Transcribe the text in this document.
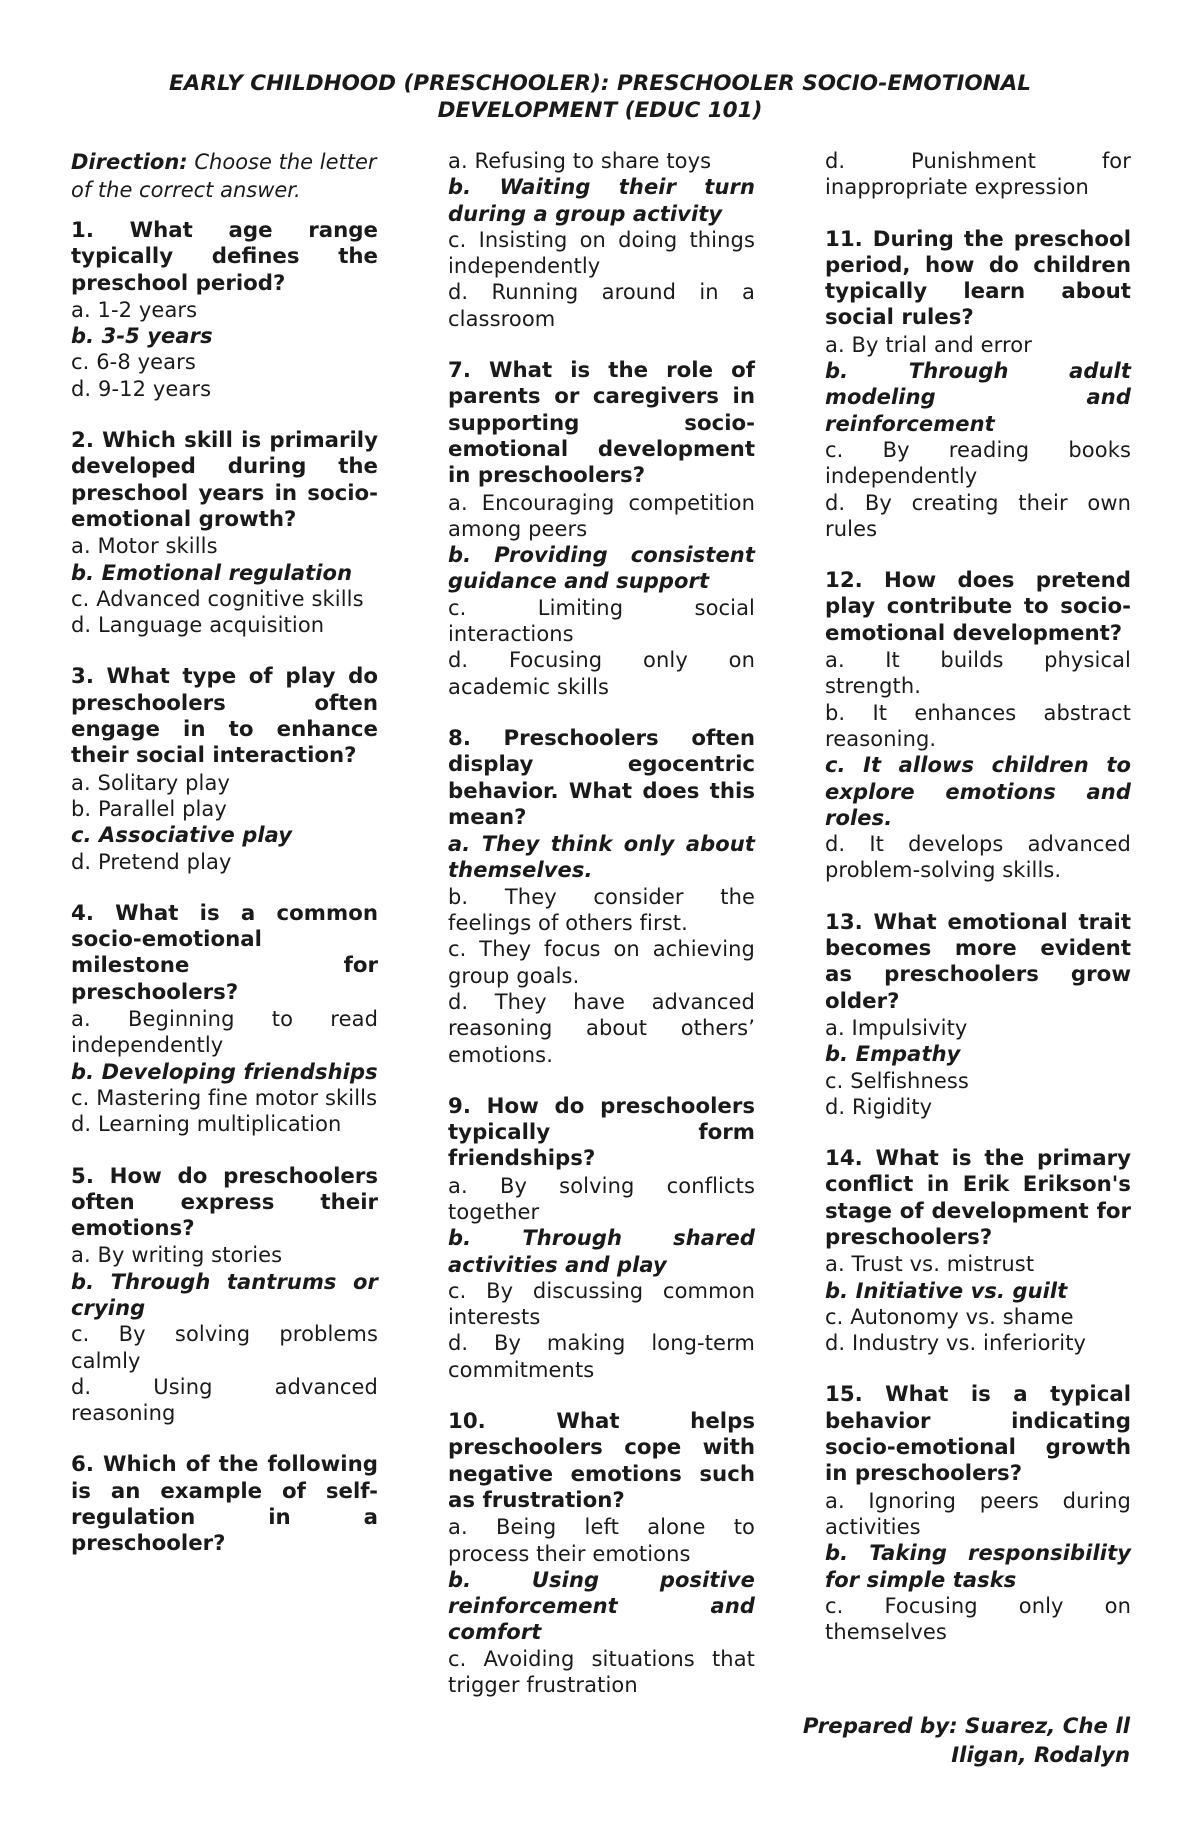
EARLY CHILDHOOD (PRESCHOOLER): PRESCHOOLER SOCIO-EMOTIONAL
DEVELOPMENT (EDUC 101)
Direction: Choose the letter of the correct answer.
1. What age range typically defines the preschool period?
a. 1-2 years
b. 3-5 years
c. 6-8 years
d. 9-12 years
2. Which skill is primarily developed during the preschool years in socio-emotional growth?
a. Motor skills
b. Emotional regulation
c. Advanced cognitive skills
d. Language acquisition
3. What type of play do preschoolers often engage in to enhance their social interaction?
a. Solitary play
b. Parallel play
c. Associative play
d. Pretend play
4. What is a common socio-emotional milestone for preschoolers?
a. Beginning to read independently
b. Developing friendships
c. Mastering fine motor skills
d. Learning multiplication
5. How do preschoolers often express their emotions?
a. By writing stories
b. Through tantrums or crying
c. By solving problems calmly
d. Using advanced reasoning
6. Which of the following is an example of self-regulation in a preschooler?
a. Refusing to share toys
b. Waiting their turn during a group activity
c. Insisting on doing things independently
d. Running around in a classroom
7. What is the role of parents or caregivers in supporting socio-emotional development in preschoolers?
a. Encouraging competition among peers
b. Providing consistent guidance and support
c. Limiting social interactions
d. Focusing only on academic skills
8. Preschoolers often display egocentric behavior. What does this mean?
a. They think only about themselves.
b. They consider the feelings of others first.
c. They focus on achieving group goals.
d. They have advanced reasoning about others’ emotions.
9. How do preschoolers typically form friendships?
a. By solving conflicts together
b. Through shared activities and play
c. By discussing common interests
d. By making long-term commitments
10. What helps preschoolers cope with negative emotions such as frustration?
a. Being left alone to process their emotions
b. Using positive reinforcement and comfort
c. Avoiding situations that trigger frustration
d. Punishment for inappropriate expression
11. During the preschool period, how do children typically learn about social rules?
a. By trial and error
b. Through adult modeling and reinforcement
c. By reading books independently
d. By creating their own rules
12. How does pretend play contribute to socio-emotional development?
a. It builds physical strength.
b. It enhances abstract reasoning.
c. It allows children to explore emotions and roles.
d. It develops advanced problem-solving skills.
13. What emotional trait becomes more evident as preschoolers grow older?
a. Impulsivity
b. Empathy
c. Selfishness
d. Rigidity
14. What is the primary conflict in Erik Erikson's stage of development for preschoolers?
a. Trust vs. mistrust
b. Initiative vs. guilt
c. Autonomy vs. shame
d. Industry vs. inferiority
15. What is a typical behavior indicating socio-emotional growth in preschoolers?
a. Ignoring peers during activities
b. Taking responsibility for simple tasks
c. Focusing only on themselves
Prepared by: Suarez, Che ll
Iligan, Rodalyn
